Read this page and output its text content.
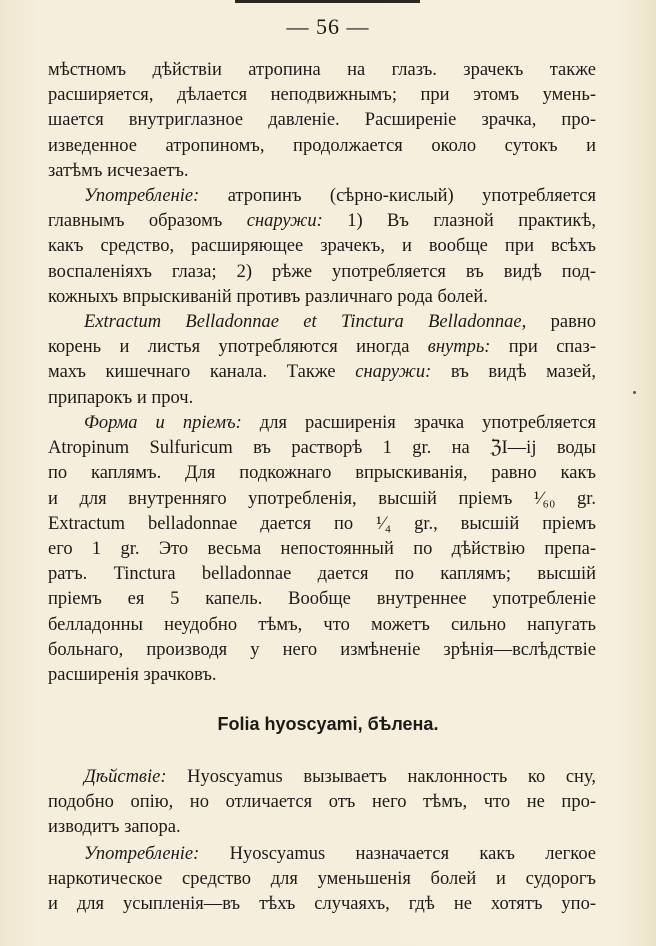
— 56 —
мѣстномъ дѣйствіи атропина на глазъ. зрачекъ также
расширяется, дѣлается неподвижнымъ; при этомъ умень-
шается внутриглазное давленіе. Расширеніе зрачка, про-
изведенное атропиномъ, продолжается около сутокъ и
затѣмъ исчезаетъ.
Употребленіе: атропинъ (сѣрно-кислый) употребляется
главнымъ образомъ снаружи: 1) Въ глазной практикѣ,
какъ средство, расширяющее зрачекъ, и вообще при всѣхъ
воспаленіяхъ глаза; 2) рѣже употребляется въ видѣ под-
кожныхъ впрыскиваній противъ различнаго рода болей.
Extractum Belladonnae et Tinctura Belladonnae, равно
корень и листья употребляются иногда внутрь: при спаз-
махъ кишечнаго канала. Также снаружи: въ видѣ мазей,
припарокъ и проч.
Форма и пріемъ: для расширенія зрачка употребляется
Atropinum Sulfuricum въ растворѣ 1 gr. на ℨI—ij воды
по каплямъ. Для подкожнаго впрыскиванія, равно какъ
и для внутренняго употребленія, высшій пріемъ ¹⁄₆₀ gr.
Extractum belladonnae дается по ¹⁄₄ gr., высшій пріемъ
его 1 gr. Это весьма непостоянный по дѣйствію препа-
ратъ. Tinctura belladonnae дается по каплямъ; высшій
пріемъ ея 5 капель. Вообще внутреннее употребленіе
белладонны неудобно тѣмъ, что можетъ сильно напугать
больнаго, производя у него измѣненіе зрѣнія—вслѣдствіе
расширенія зрачковъ.
Folia hyoscyami, бѣлена.
Дѣйствіе: Hyoscyamus вызываетъ наклонность ко сну,
подобно опію, но отличается отъ него тѣмъ, что не про-
изводитъ запора.
Употребленіе: Hyoscyamus назначается какъ легкое
наркотическое средство для уменьшенія болей и судорогъ
и для усыпленія—въ тѣхъ случаяхъ, гдѣ не хотятъ упо-
